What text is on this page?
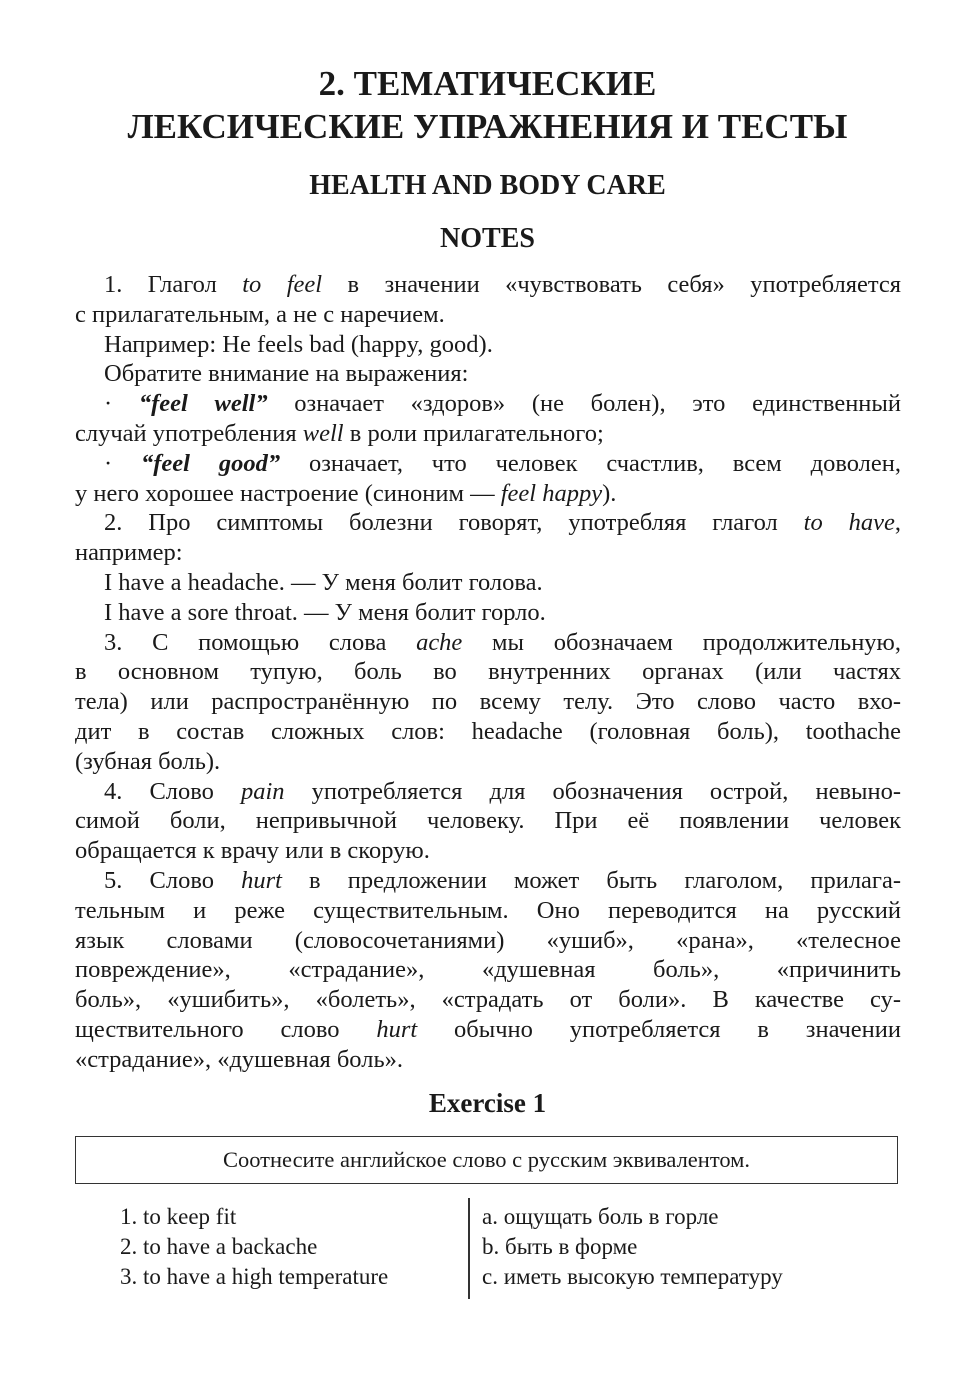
2. ТЕМАТИЧЕСКИЕ
ЛЕКСИЧЕСКИЕ УПРАЖНЕНИЯ И ТЕСТЫ
HEALTH AND BODY CARE
NOTES
1. Глагол to feel в значении «чувствовать себя» употребляется
с прилагательным, а не с наречием.
Например: He feels bad (happy, good).
Обратите внимание на выражения:
· “feel well” означает «здоров» (не болен), это единственный
случай употребления well в роли прилагательного;
· “feel good” означает, что человек счастлив, всем доволен,
у него хорошее настроение (синоним — feel happy).
2. Про симптомы болезни говорят, употребляя глагол to have,
например:
I have a headache. — У меня болит голова.
I have a sore throat. — У меня болит горло.
3. С помощью слова ache мы обозначаем продолжительную,
в основном тупую, боль во внутренних органах (или частях
тела) или распространённую по всему телу. Это слово часто вхо-
дит в состав сложных слов: headache (головная боль), toothache
(зубная боль).
4. Слово pain употребляется для обозначения острой, невыно-
симой боли, непривычной человеку. При её появлении человек
обращается к врачу или в скорую.
5. Слово hurt в предложении может быть глаголом, прилага-
тельным и реже существительным. Оно переводится на русский
язык словами (словосочетаниями) «ушиб», «рана», «телесное
повреждение», «страдание», «душевная боль», «причинить
боль», «ушибить», «болеть», «страдать от боли». В качестве су-
ществительного слово hurt обычно употребляется в значении
«страдание», «душевная боль».
Exercise 1
Соотнесите английское слово с русским эквивалентом.
1. to keep fit
2. to have a backache
3. to have a high temperature
a. ощущать боль в горле
b. быть в форме
c. иметь высокую температуру
